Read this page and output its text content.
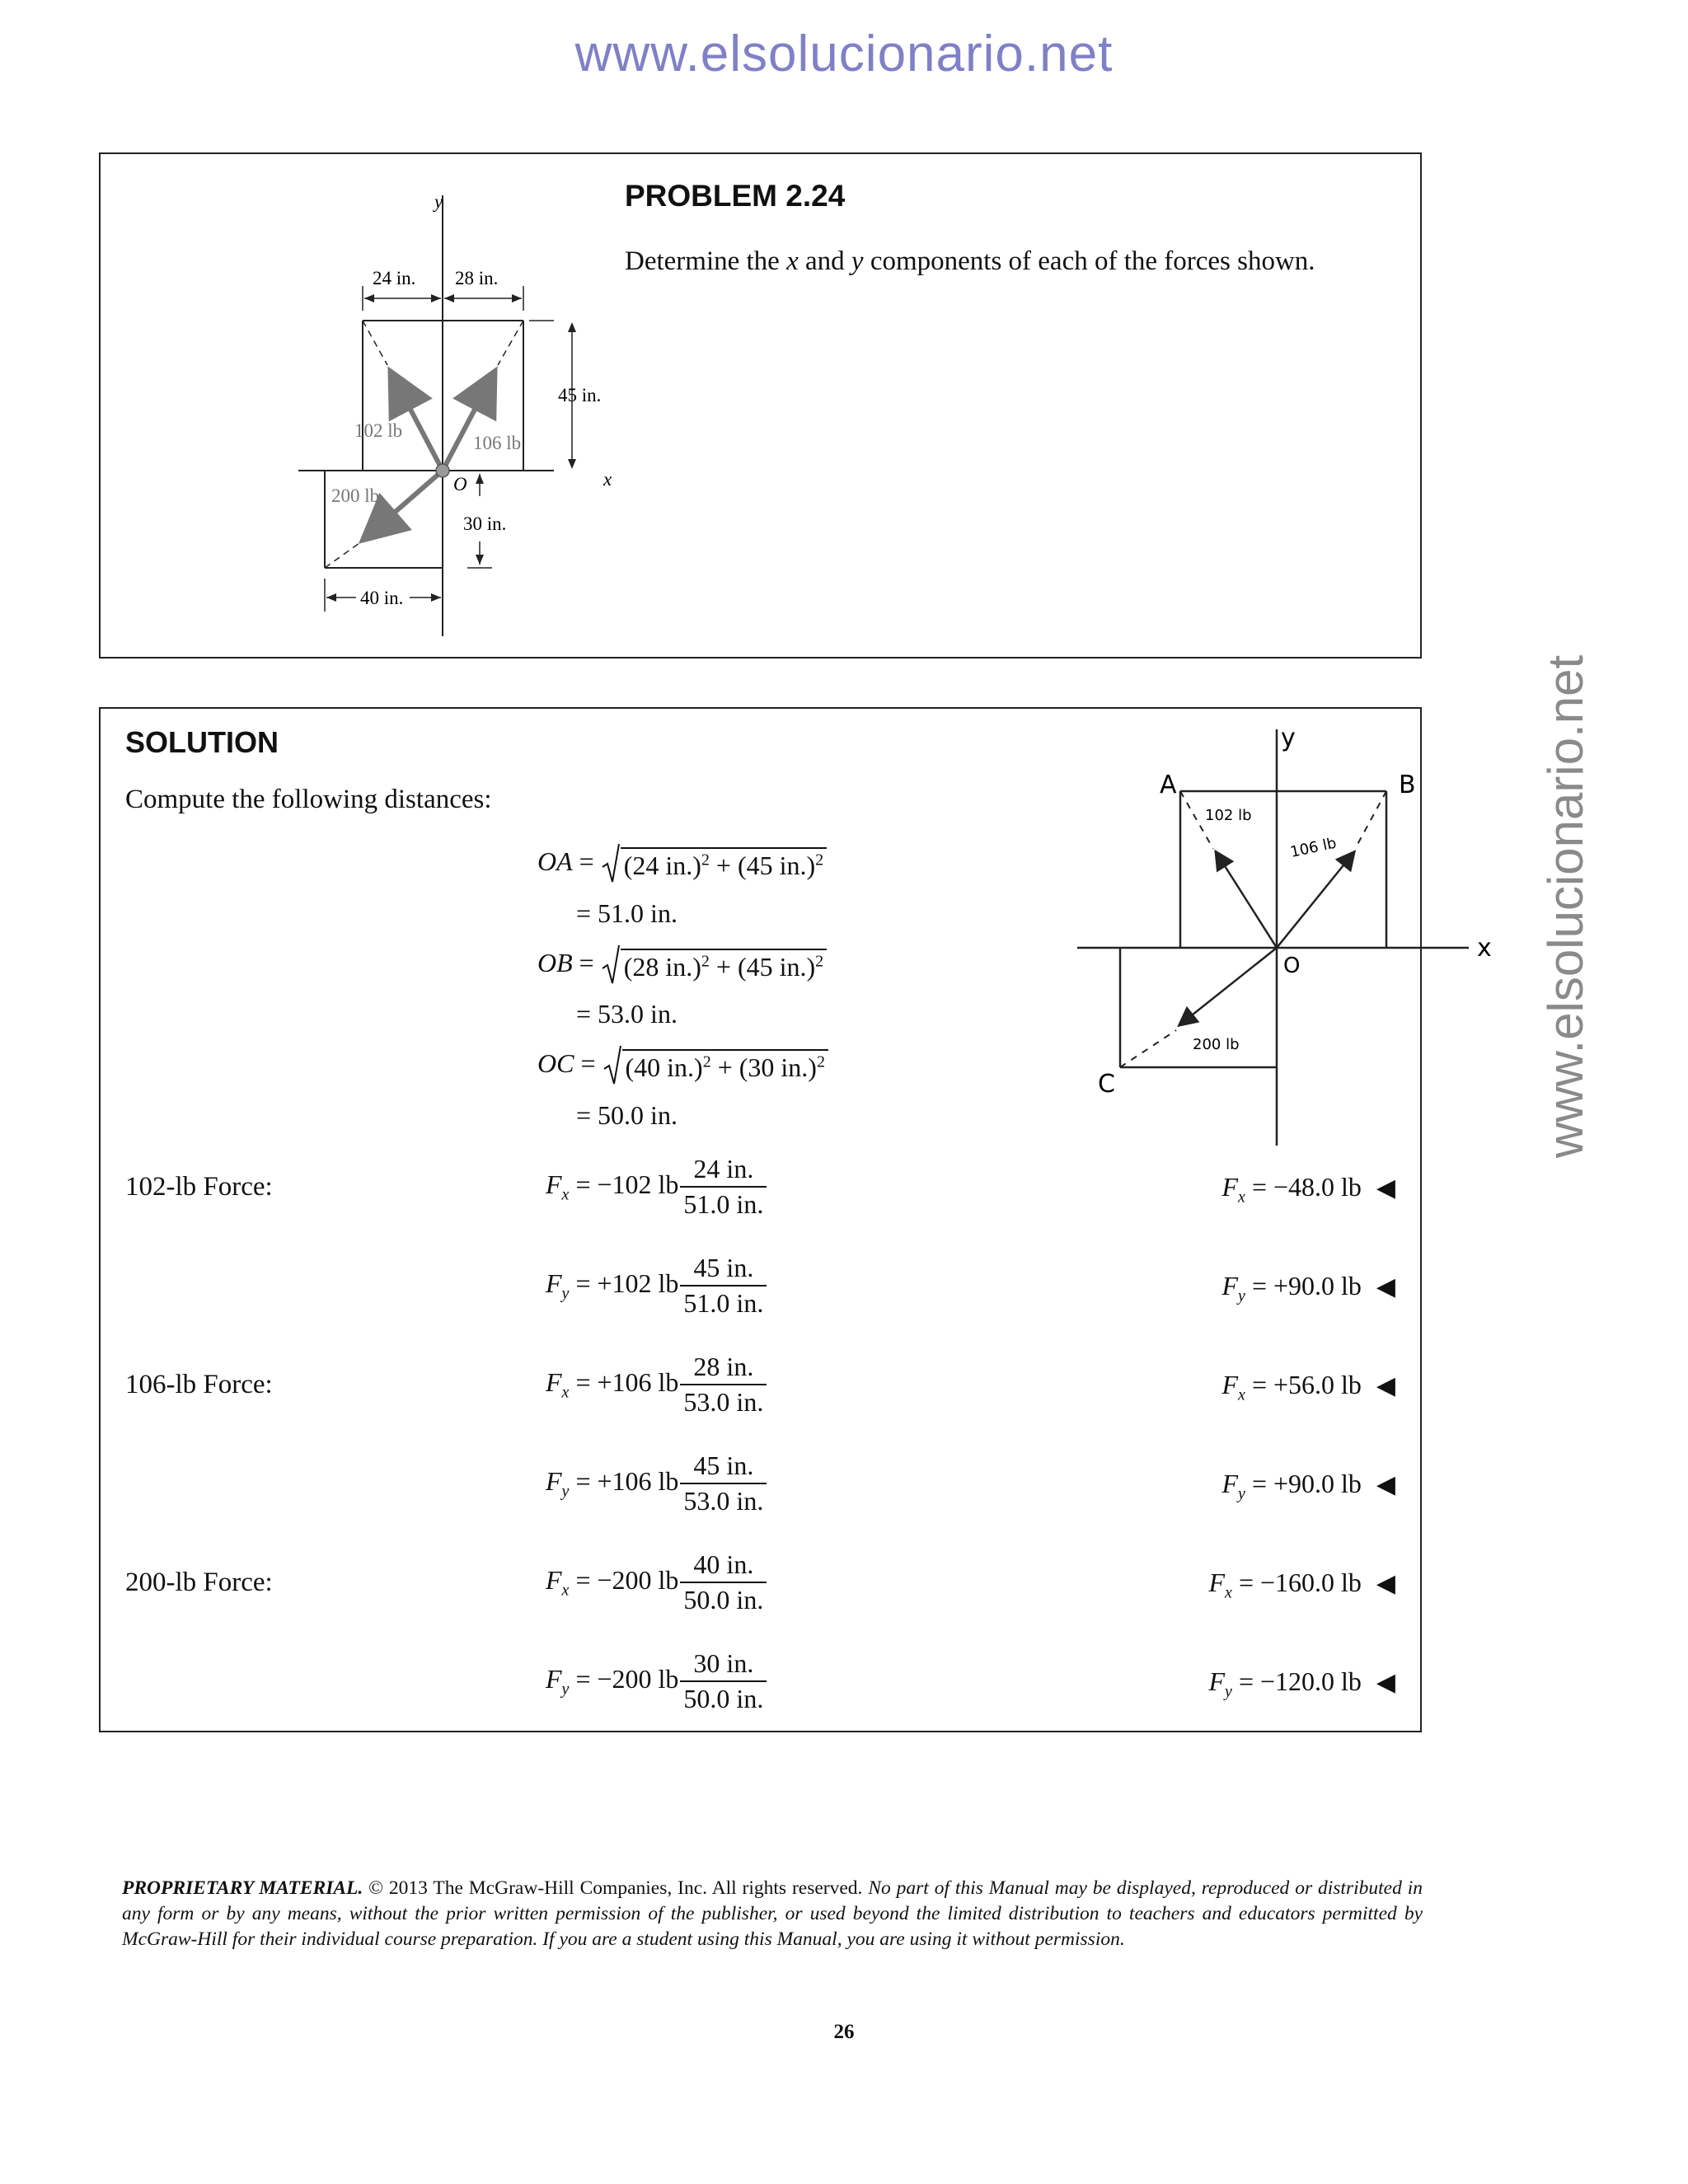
www.elsolucionario.net
www.elsolucionario.net
24 in. 28 in.
45 in.
30 in.
40 in.
y
x
O
102 lb
106 lb
200 lb
PROBLEM 2.24
Determine the x and y components of each of the forces shown.
SOLUTION
Compute the following distances:	A	B
C
O
x
y
102 lb
106 lb
200 lb
OA =
(24 in.)$^2$ + (45 in.)$^2$
= 51.0 in.
OB =
(28 in.)$^2$ + (45 in.)$^2$
= 53.0 in.
OC =
(40 in.)$^2$ + (30 in.)$^2$
= 50.0 in.
102-lb Force:	$F_x = -102$ lb $\frac{24 in.}{51.0 in.}$	$F_x = -48.0$ lb ◀
$F_y = +102$ lb $\frac{45 in.}{51.0 in.}$	$F_y = +90.0$ lb ◀
106-lb Force:	$F_x = +106$ lb $\frac{28 in.}{53.0 in.}$	$F_x = +56.0$ lb ◀
$F_y = +106$ lb $\frac{45 in.}{53.0 in.}$	$F_y = +90.0$ lb ◀
200-lb Force:	$F_x = -200$ lb $\frac{40 in.}{50.0 in.}$	$F_x = -160.0$ lb ◀
$F_y = -200$ lb $\frac{30 in.}{50.0 in.}$	$F_y = -120.0$ lb ◀
PROPRIETARY MATERIAL. © 2013 The McGraw-Hill Companies, Inc. All rights reserved. No part of this Manual may be displayed, reproduced or distributed in any form or by any means, without the prior written permission of the publisher, or used beyond the limited distribution to teachers and educators permitted by McGraw-Hill for their individual course preparation. If you are a student using this Manual, you are using it without permission.
26
